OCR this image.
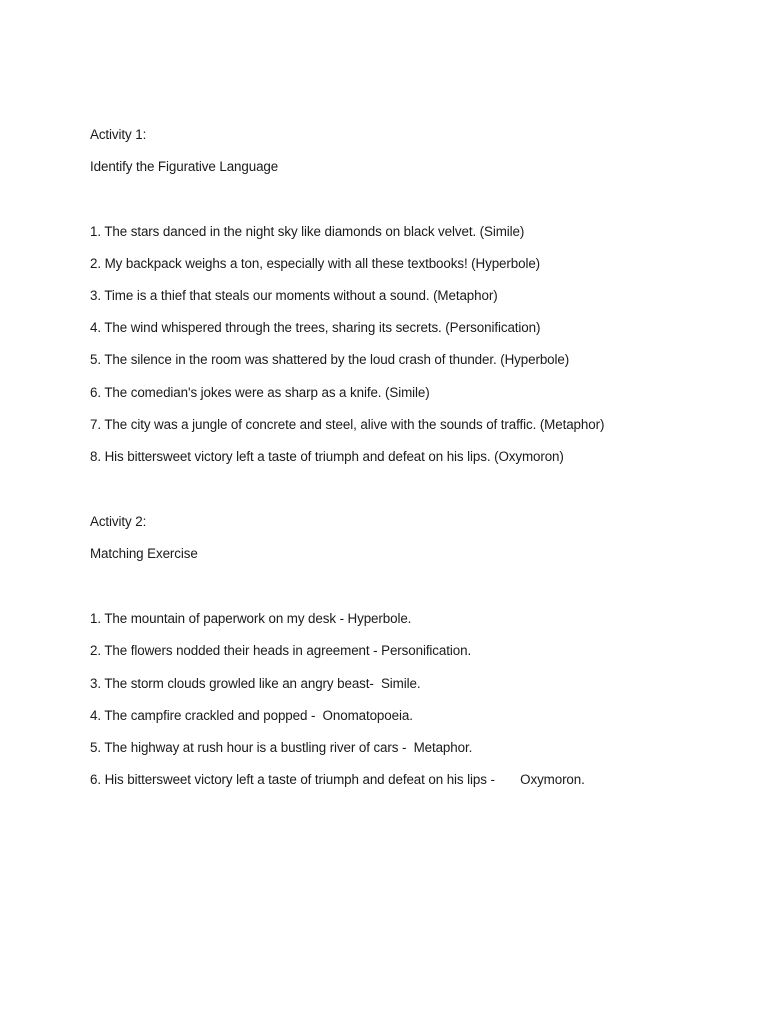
Activity 1:
Identify the Figurative Language
1. The stars danced in the night sky like diamonds on black velvet. (Simile)
2. My backpack weighs a ton, especially with all these textbooks! (Hyperbole)
3. Time is a thief that steals our moments without a sound. (Metaphor)
4. The wind whispered through the trees, sharing its secrets. (Personification)
5. The silence in the room was shattered by the loud crash of thunder. (Hyperbole)
6. The comedian's jokes were as sharp as a knife. (Simile)
7. The city was a jungle of concrete and steel, alive with the sounds of traffic. (Metaphor)
8. His bittersweet victory left a taste of triumph and defeat on his lips. (Oxymoron)
Activity 2:
Matching Exercise
1. The mountain of paperwork on my desk - Hyperbole.
2. The flowers nodded their heads in agreement - Personification.
3. The storm clouds growled like an angry beast-  Simile.
4. The campfire crackled and popped -  Onomatopoeia.
5. The highway at rush hour is a bustling river of cars -  Metaphor.
6. His bittersweet victory left a taste of triumph and defeat on his lips -       Oxymoron.
